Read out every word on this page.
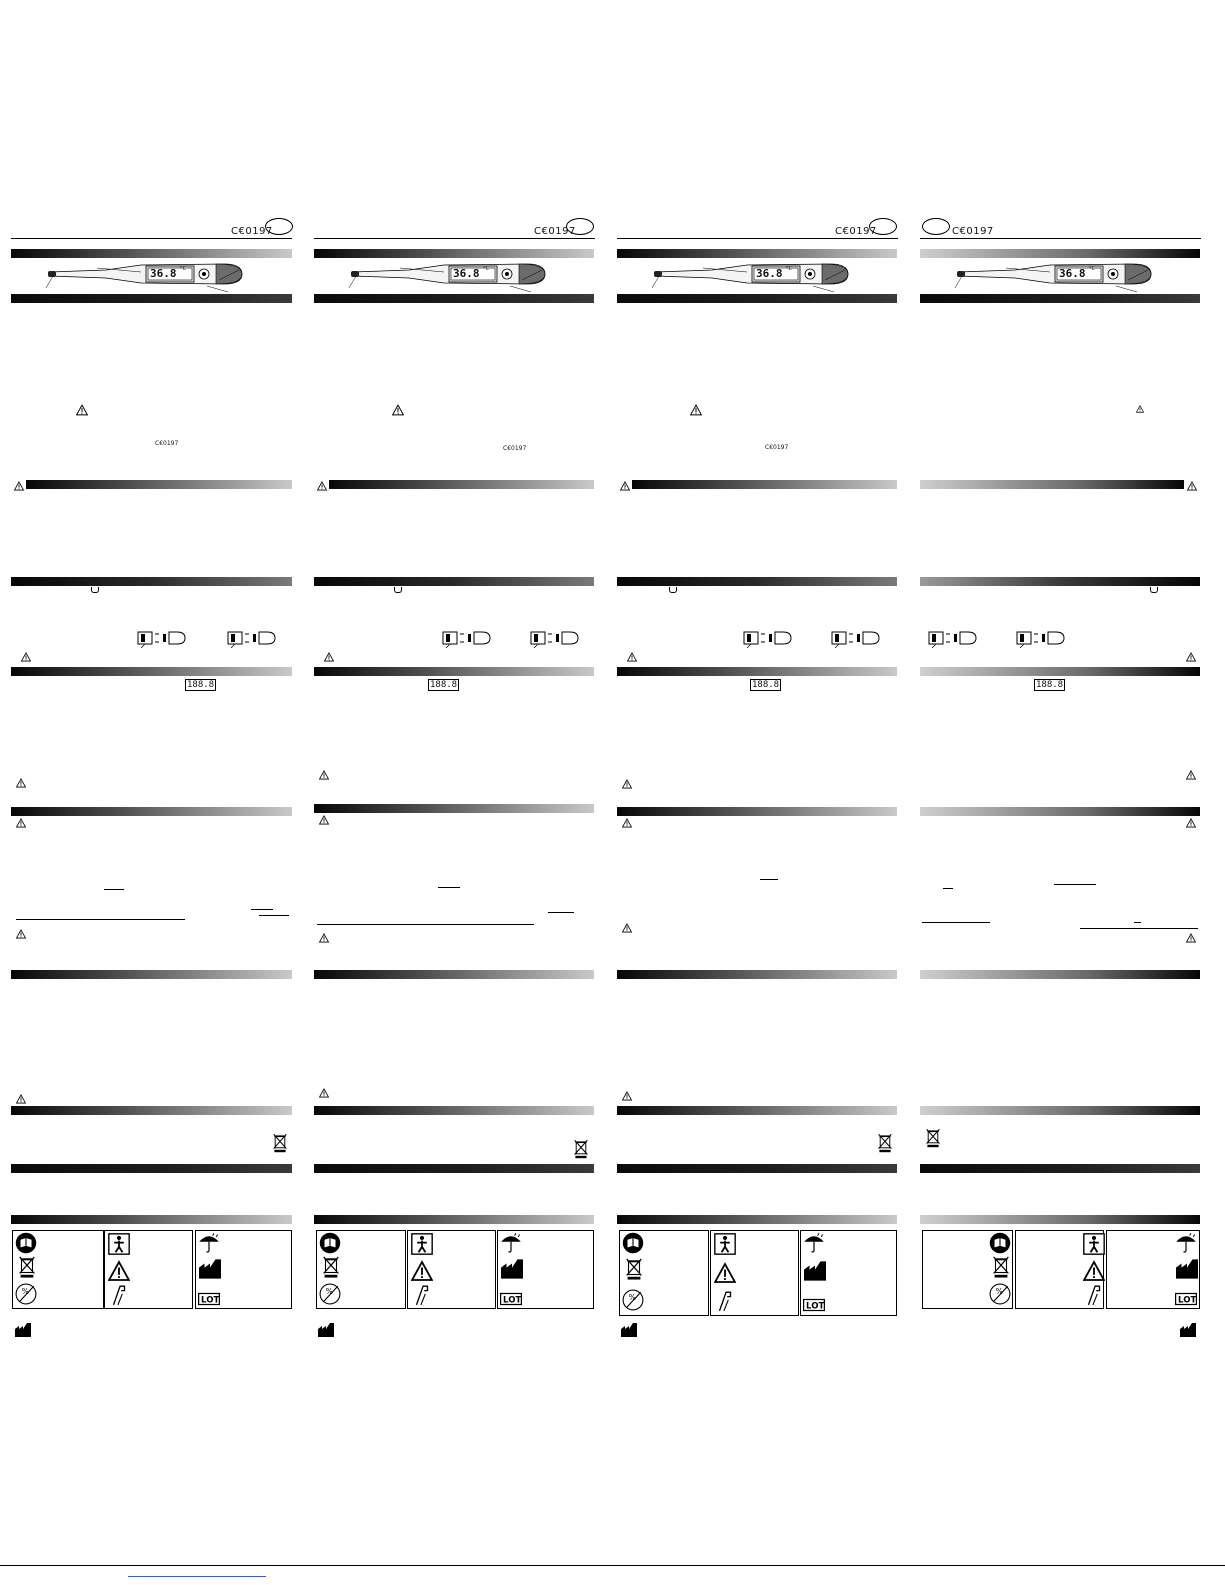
C€0197
36.8 °C
C€0197
188.8
C€0197
36.8 °C
C€0197
188.8
C€0197
36.8 °C
C€0197
188.8
C€0197
36.8 °C
188.8
